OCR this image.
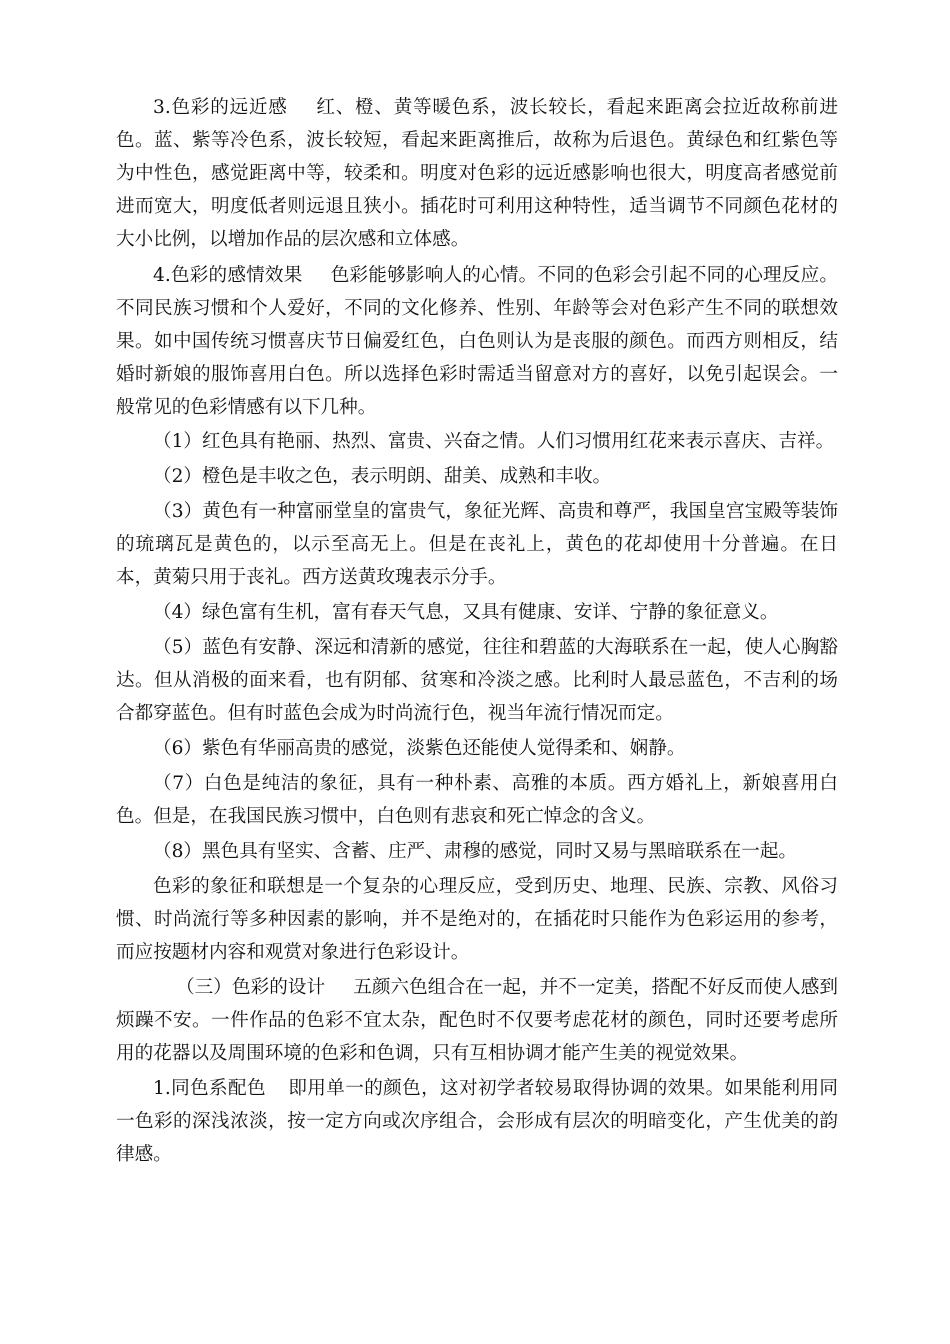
3.色彩的远近感 红、橙、黄等暖色系，波长较长，看起来距离会拉近故称前进色。蓝、紫等冷色系，波长较短，看起来距离推后，故称为后退色。黄绿色和红紫色等为中性色，感觉距离中等，较柔和。明度对色彩的远近感影响也很大，明度高者感觉前进而宽大，明度低者则远退且狭小。插花时可利用这种特性，适当调节不同颜色花材的大小比例，以增加作品的层次感和立体感。

4.色彩的感情效果 色彩能够影响人的心情。不同的色彩会引起不同的心理反应。不同民族习惯和个人爱好，不同的文化修养、性别、年龄等会对色彩产生不同的联想效果。如中国传统习惯喜庆节日偏爱红色，白色则认为是丧服的颜色。而西方则相反，结婚时新娘的服饰喜用白色。所以选择色彩时需适当留意对方的喜好，以免引起误会。一般常见的色彩情感有以下几种。

（1）红色具有艳丽、热烈、富贵、兴奋之情。人们习惯用红花来表示喜庆、吉祥。

（2）橙色是丰收之色，表示明朗、甜美、成熟和丰收。

（3）黄色有一种富丽堂皇的富贵气，象征光辉、高贵和尊严，我国皇宫宝殿等装饰的琉璃瓦是黄色的，以示至高无上。但是在丧礼上，黄色的花却使用十分普遍。在日本，黄菊只用于丧礼。西方送黄玫瑰表示分手。

（4）绿色富有生机，富有春天气息，又具有健康、安详、宁静的象征意义。

（5）蓝色有安静、深远和清新的感觉，往往和碧蓝的大海联系在一起，使人心胸豁达。但从消极的面来看，也有阴郁、贫寒和冷淡之感。比利时人最忌蓝色，不吉利的场合都穿蓝色。但有时蓝色会成为时尚流行色，视当年流行情况而定。

（6）紫色有华丽高贵的感觉，淡紫色还能使人觉得柔和、娴静。

（7）白色是纯洁的象征，具有一种朴素、高雅的本质。西方婚礼上，新娘喜用白色。但是，在我国民族习惯中，白色则有悲哀和死亡悼念的含义。

（8）黑色具有坚实、含蓄、庄严、肃穆的感觉，同时又易与黑暗联系在一起。

色彩的象征和联想是一个复杂的心理反应，受到历史、地理、民族、宗教、风俗习惯、时尚流行等多种因素的影响，并不是绝对的，在插花时只能作为色彩运用的参考，而应按题材内容和观赏对象进行色彩设计。

（三）色彩的设计 五颜六色组合在一起，并不一定美，搭配不好反而使人感到烦躁不安。一件作品的色彩不宜太杂，配色时不仅要考虑花材的颜色，同时还要考虑所用的花器以及周围环境的色彩和色调，只有互相协调才能产生美的视觉效果。

1.同色系配色 即用单一的颜色，这对初学者较易取得协调的效果。如果能利用同一色彩的深浅浓淡，按一定方向或次序组合，会形成有层次的明暗变化，产生优美的韵律感。
